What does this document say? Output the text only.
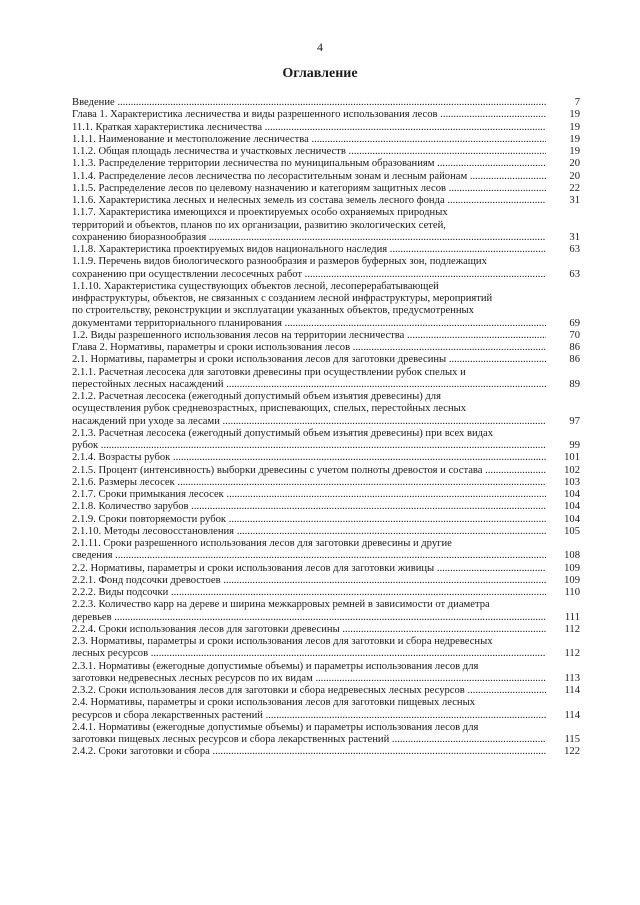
4
Оглавление
Введение .....	7
Глава 1. Характеристика лесничества и виды разрешенного использования лесов .....	19
11.1. Краткая характеристика лесничества .....	19
1.1.1. Наименование и местоположение лесничества .....	19
1.1.2. Общая площадь лесничества и участковых лесничеств .....	19
1.1.3. Распределение территории лесничества по муниципальным образованиям .....	20
1.1.4. Распределение лесов лесничества по лесорастительным зонам и лесным районам .....	20
1.1.5. Распределение лесов по целевому назначению и категориям защитных лесов .....	22
1.1.6. Характеристика лесных и нелесных земель из состава земель лесного фонда .....	31
1.1.7. Характеристика имеющихся и проектируемых особо охраняемых природных
территорий и объектов, планов по их организации, развитию экологических сетей,
сохранению биоразнообразия .....	31
1.1.8. Характеристика проектируемых видов национального наследия .....	63
1.1.9. Перечень видов биологического разнообразия и размеров буферных зон, подлежащих
сохранению при осуществлении лесосечных работ .....	63
1.1.10. Характеристика существующих объектов лесной, лесоперерабатывающей
инфраструктуры, объектов, не связанных с созданием лесной инфраструктуры, мероприятий
по строительству, реконструкции и эксплуатации указанных объектов, предусмотренных
документами территориального планирования .....	69
1.2. Виды разрешенного использования лесов на территории лесничества .....	70
Глава 2. Нормативы, параметры и сроки использования лесов .....	86
2.1. Нормативы, параметры и сроки использования лесов для заготовки древесины .....	86
2.1.1. Расчетная лесосека для заготовки древесины при осуществлении рубок спелых и
перестойных лесных насаждений .....	89
2.1.2. Расчетная лесосека (ежегодный допустимый объем изъятия древесины) для
осуществления рубок средневозрастных, приспевающих, спелых, перестойных лесных
насаждений при уходе за лесами .....	97
2.1.3. Расчетная лесосека (ежегодный допустимый объем изъятия древесины) при всех видах
рубок .....	99
2.1.4. Возрасты рубок .....	101
2.1.5. Процент (интенсивность) выборки древесины с учетом полноты древостоя и состава .....	102
2.1.6. Размеры лесосек .....	103
2.1.7. Сроки примыкания лесосек .....	104
2.1.8. Количество зарубов .....	104
2.1.9. Сроки повторяемости рубок .....	104
2.1.10. Методы лесовосстановления .....	105
2.1.11. Сроки разрешенного использования лесов для заготовки древесины и другие
сведения .....	108
2.2. Нормативы, параметры и сроки использования лесов для заготовки живицы .....	109
2.2.1. Фонд подсочки древостоев .....	109
2.2.2. Виды подсочки .....	110
2.2.3. Количество карр на дереве и ширина межкарровых ремней в зависимости от диаметра
деревьев .....	111
2.2.4. Сроки использования лесов для заготовки древесины .....	112
2.3. Нормативы, параметры и сроки использования лесов для заготовки и сбора недревесных
лесных ресурсов .....	112
2.3.1. Нормативы (ежегодные допустимые объемы) и параметры использования лесов для
заготовки недревесных лесных ресурсов по их видам .....	113
2.3.2. Сроки использования лесов для заготовки и сбора недревесных лесных ресурсов .....	114
2.4. Нормативы, параметры и сроки использования лесов для заготовки пищевых лесных
ресурсов и сбора лекарственных растений .....	114
2.4.1. Нормативы (ежегодные допустимые объемы) и параметры использования лесов для
заготовки пищевых лесных ресурсов и сбора лекарственных растений .....	115
2.4.2. Сроки заготовки и сбора .....	122
